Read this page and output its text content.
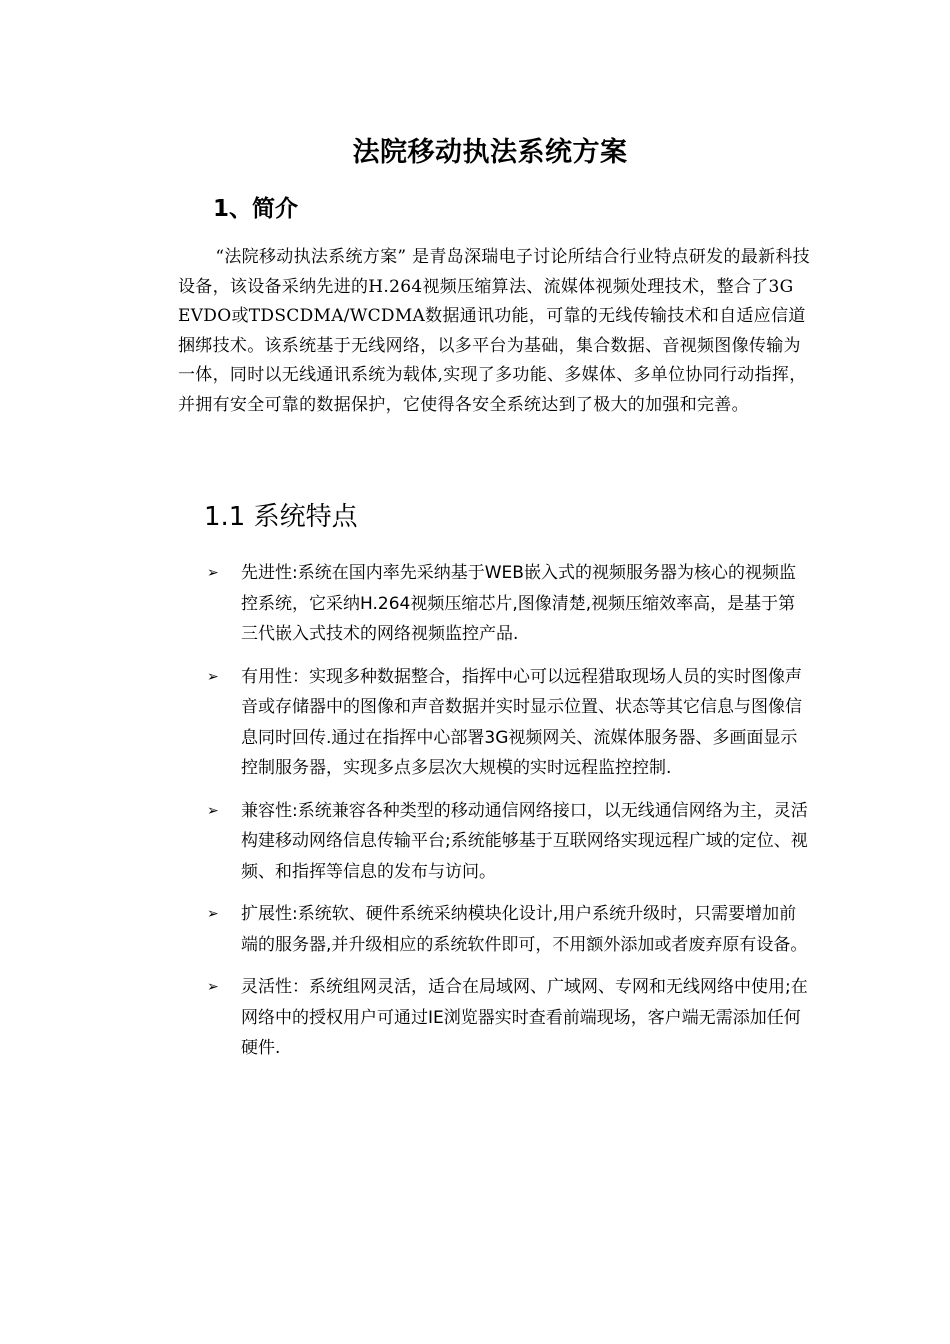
法院移动执法系统方案
1、简介

“法院移动执法系统方案” 是青岛深瑞电子讨论所结合行业特点研发的最新科技设备，该设备采纳先进的H.264视频压缩算法、流媒体视频处理技术，整合了3G EVDO或TDSCDMA/WCDMA数据通讯功能，可靠的无线传输技术和自适应信道捆绑技术。该系统基于无线网络，以多平台为基础，集合数据、音视频图像传输为一体，同时以无线通讯系统为载体,实现了多功能、多媒体、多单位协同行动指挥，并拥有安全可靠的数据保护，它使得各安全系统达到了极大的加强和完善。

1.1 系统特点
➢ 先进性:系统在国内率先采纳基于WEB嵌入式的视频服务器为核心的视频监控系统，它采纳H.264视频压缩芯片,图像清楚,视频压缩效率高，是基于第三代嵌入式技术的网络视频监控产品.
➢ 有用性：实现多种数据整合，指挥中心可以远程猎取现场人员的实时图像声音或存储器中的图像和声音数据并实时显示位置、状态等其它信息与图像信息同时回传.通过在指挥中心部署3G视频网关、流媒体服务器、多画面显示控制服务器，实现多点多层次大规模的实时远程监控控制.
➢ 兼容性:系统兼容各种类型的移动通信网络接口，以无线通信网络为主，灵活构建移动网络信息传输平台;系统能够基于互联网络实现远程广域的定位、视频、和指挥等信息的发布与访问。
➢ 扩展性:系统软、硬件系统采纳模块化设计,用户系统升级时，只需要增加前端的服务器,并升级相应的系统软件即可，不用额外添加或者废弃原有设备。
➢ 灵活性：系统组网灵活，适合在局域网、广域网、专网和无线网络中使用;在网络中的授权用户可通过IE浏览器实时查看前端现场，客户端无需添加任何硬件.
